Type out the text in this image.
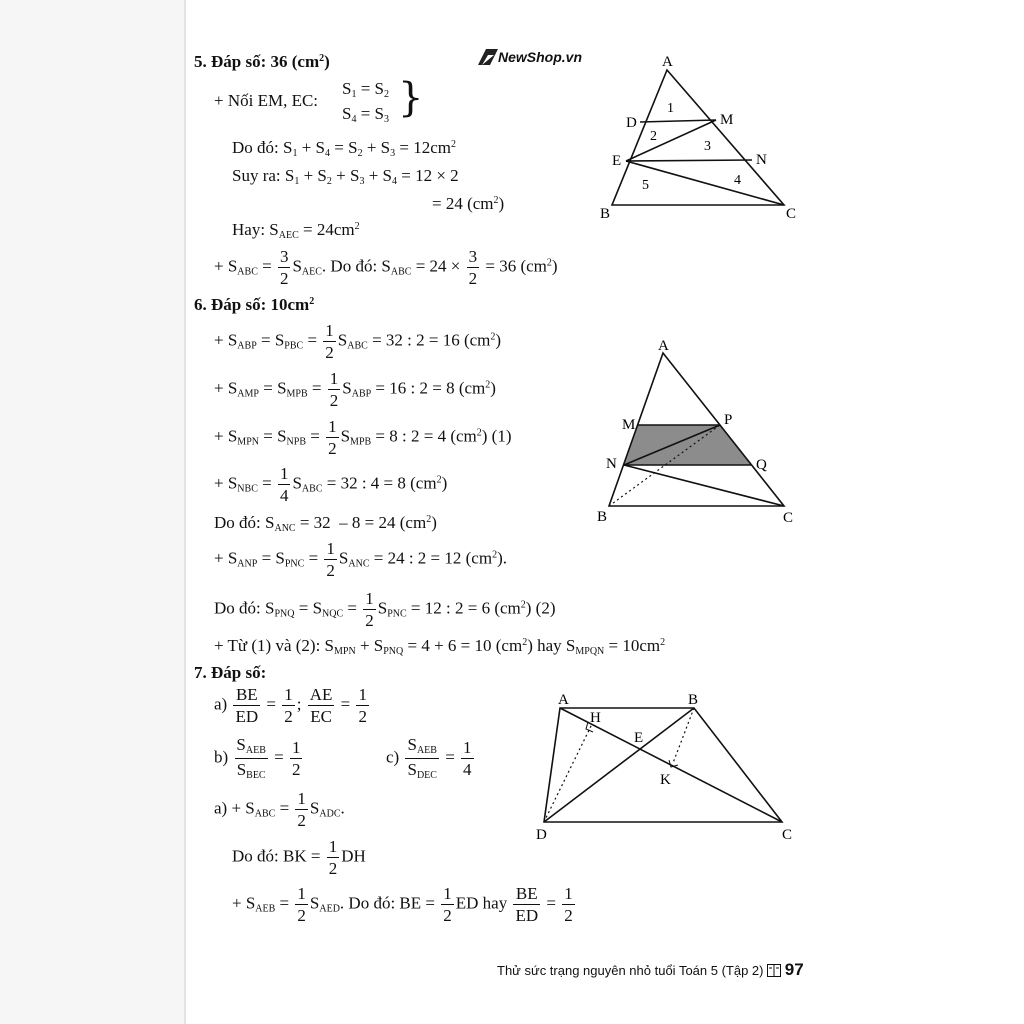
NewShop.vn
5. Đáp số: 36 $(cm^2)$
+ Nối EM, EC:
$S_1 = S_2$
$S_4 = S_3$ }
Do đó: $S_1 + S_4 = S_2 + S_3 = 12cm^2$
Suy ra: $S_1 + S_2 + S_3 + S_4 = 12 \times 2$
= 24 $(cm^2)$
Hay: $S_{AEC} = 24cm^2$
+ $S_{ABC} = \frac{3}{2} S_{AEC}$. Do đó: $S_{ABC} = 24 \times \frac{3}{2} = 36$ $(cm^2)$
A
D	M
E	N
B	C
1
2
3
4
5
6. Đáp số: $10cm^2$
+ $S_{ABP} = S_{PBC} = \frac{1}{2} S_{ABC} = 32$ : 2 = 16 $(cm^2)$
+ $S_{AMP} = S_{MPB} = \frac{1}{2} S_{ABP} = 16$ : 2 = 8 $(cm^2)$
+ $S_{MPN} = S_{NPB} = \frac{1}{2} S_{MPB} = 8$ : 2 = 4 $(cm^2)$ (1)
+ $S_{NBC} = \frac{1}{4} S_{ABC} = 32$ : 4 = 8 $(cm^2)$
Do đó: $S_{ANC} = 32 - 8 = 24$ $(cm^2)$
+ $S_{ANP} = S_{PNC} = \frac{1}{2} S_{ANC} = 24$ : 2 = 12 $(cm^2)$.
Do đó: $S_{PNQ} = S_{NQC} = \frac{1}{2} S_{PNC} = 12$ : 2 = 6 $(cm^2)$ (2)
+ Từ (1) và (2): $S_{MPN} + S_{PNQ} = 4 + 6 = 10$ $(cm^2)$ hay $S_{MPQN} = 10cm^2$
A
M	P
N	Q
B	C
7. Đáp số:
$a) \frac{BE}{ED} = \frac{1}{2}$ ; $\frac{AE}{EC} = \frac{1}{2}$
b)
$S_{AEB}$
$S_{BEC}$
= $\frac{1}{2}$	c)
$S_{AEB}$
$S_{DEC}$
= $\frac{1}{4}$
$a) + S_{ABC} = \frac{1}{2} S_{ADC}$.
Do đó: BK = $\frac{1}{2}$ DH
+ $S_{AEB} = \frac{1}{2} S_{AED}$. Do đó: BE = $\frac{1}{2}$ ED hay $\frac{BE}{ED} = \frac{1}{2}$
A	B
H
E
K
D	C
Thử sức trạng nguyên nhỏ tuổi Toán 5 (Tập 2) 97
